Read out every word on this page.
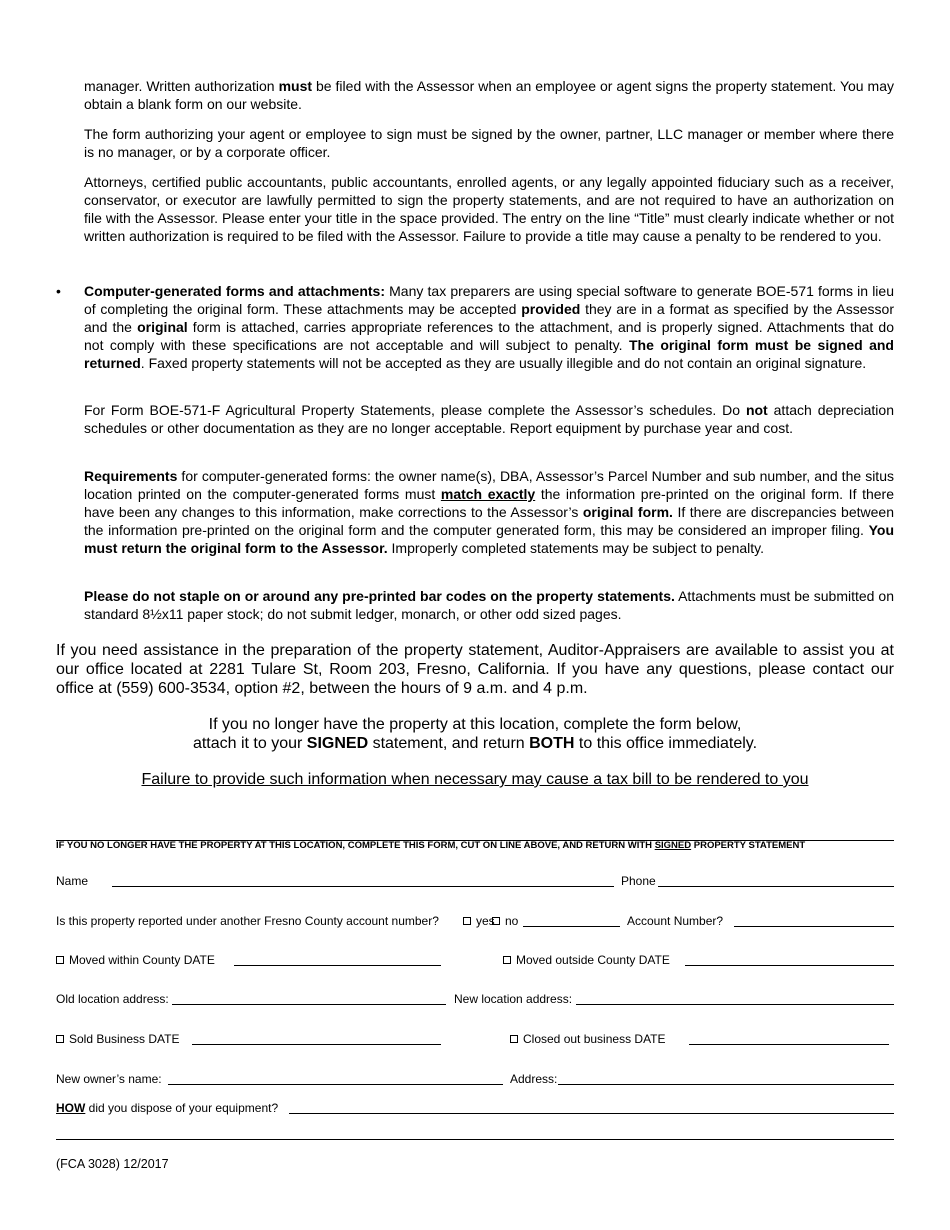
manager. Written authorization must be filed with the Assessor when an employee or agent signs the property statement. You may obtain a blank form on our website.

The form authorizing your agent or employee to sign must be signed by the owner, partner, LLC manager or member where there is no manager, or by a corporate officer.

Attorneys, certified public accountants, public accountants, enrolled agents, or any legally appointed fiduciary such as a receiver, conservator, or executor are lawfully permitted to sign the property statements, and are not required to have an authorization on file with the Assessor. Please enter your title in the space provided. The entry on the line “Title” must clearly indicate whether or not written authorization is required to be filed with the Assessor. Failure to provide a title may cause a penalty to be rendered to you.

• Computer-generated forms and attachments: Many tax preparers are using special software to generate BOE-571 forms in lieu of completing the original form. These attachments may be accepted provided they are in a format as specified by the Assessor and the original form is attached, carries appropriate references to the attachment, and is properly signed. Attachments that do not comply with these specifications are not acceptable and will subject to penalty. The original form must be signed and returned. Faxed property statements will not be accepted as they are usually illegible and do not contain an original signature.

For Form BOE-571-F Agricultural Property Statements, please complete the Assessor’s schedules. Do not attach depreciation schedules or other documentation as they are no longer acceptable. Report equipment by purchase year and cost.

Requirements for computer-generated forms: the owner name(s), DBA, Assessor’s Parcel Number and sub number, and the situs location printed on the computer-generated forms must match exactly the information pre-printed on the original form. If there have been any changes to this information, make corrections to the Assessor’s original form. If there are discrepancies between the information pre-printed on the original form and the computer generated form, this may be considered an improper filing. You must return the original form to the Assessor. Improperly completed statements may be subject to penalty.

Please do not staple on or around any pre-printed bar codes on the property statements. Attachments must be submitted on standard 8½x11 paper stock; do not submit ledger, monarch, or other odd sized pages.

If you need assistance in the preparation of the property statement, Auditor-Appraisers are available to assist you at our office located at 2281 Tulare St, Room 203, Fresno, California. If you have any questions, please contact our office at (559) 600-3534, option #2, between the hours of 9 a.m. and 4 p.m.

If you no longer have the property at this location, complete the form below,
attach it to your SIGNED statement, and return BOTH to this office immediately.

Failure to provide such information when necessary may cause a tax bill to be rendered to you

IF YOU NO LONGER HAVE THE PROPERTY AT THIS LOCATION, COMPLETE THIS FORM, CUT ON LINE ABOVE, AND RETURN WITH SIGNED PROPERTY STATEMENT
Name	Phone
Is this property reported under another Fresno County account number?	yes no	Account Number?
Moved within County DATE	Moved outside County DATE
Old location address:	New location address:
Sold Business DATE	Closed out business DATE
New owner’s name:	Address:
HOW did you dispose of your equipment?
(FCA 3028) 12/2017
